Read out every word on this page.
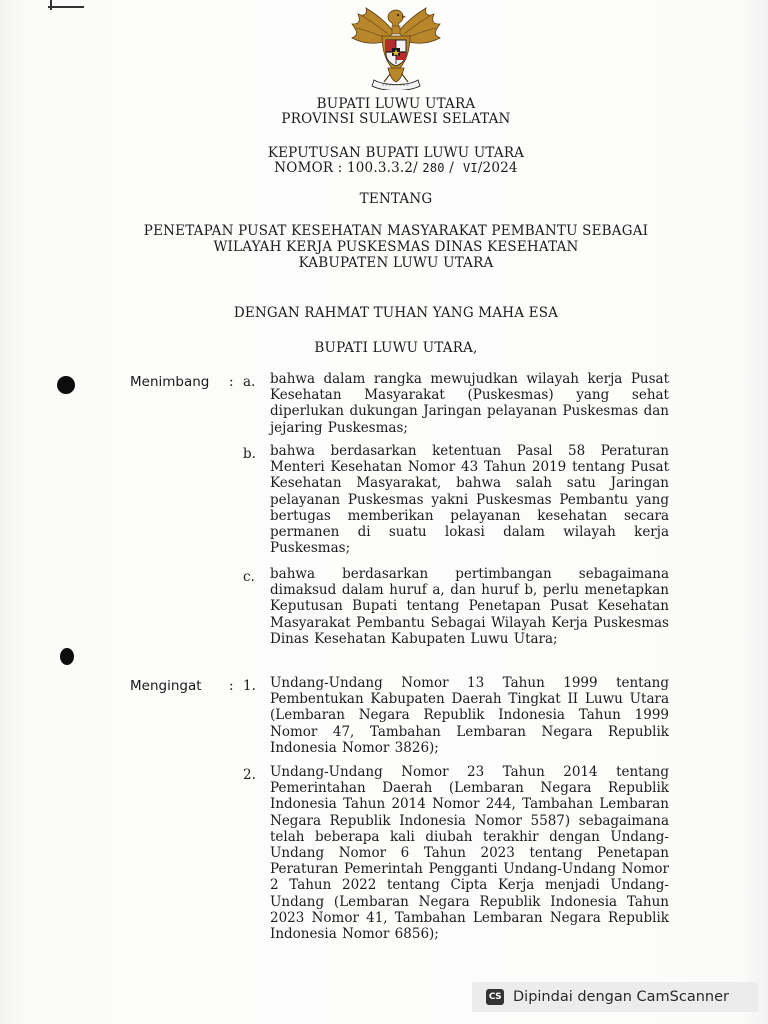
BUPATI LUWU UTARA
PROVINSI SULAWESI SELATAN
KEPUTUSAN BUPATI LUWU UTARA
NOMOR : 100.3.3.2/ 280 / VI/2024
TENTANG
PENETAPAN PUSAT KESEHATAN MASYARAKAT PEMBANTU SEBAGAI
WILAYAH KERJA PUSKESMAS DINAS KESEHATAN
KABUPATEN LUWU UTARA
DENGAN RAHMAT TUHAN YANG MAHA ESA
BUPATI LUWU UTARA,
Menimbang : a. bahwa dalam rangka mewujudkan wilayah kerja Pusat Kesehatan Masyarakat (Puskesmas) yang sehat diperlukan dukungan Jaringan pelayanan Puskesmas dan jejaring Puskesmas;
b. bahwa berdasarkan ketentuan Pasal 58 Peraturan Menteri Kesehatan Nomor 43 Tahun 2019 tentang Pusat Kesehatan Masyarakat, bahwa salah satu Jaringan pelayanan Puskesmas yakni Puskesmas Pembantu yang bertugas memberikan pelayanan kesehatan secara permanen di suatu lokasi dalam wilayah kerja Puskesmas;
c. bahwa berdasarkan pertimbangan sebagaimana dimaksud dalam huruf a, dan huruf b, perlu menetapkan Keputusan Bupati tentang Penetapan Pusat Kesehatan Masyarakat Pembantu Sebagai Wilayah Kerja Puskesmas Dinas Kesehatan Kabupaten Luwu Utara;
Mengingat : 1. Undang-Undang Nomor 13 Tahun 1999 tentang Pembentukan Kabupaten Daerah Tingkat II Luwu Utara (Lembaran Negara Republik Indonesia Tahun 1999 Nomor 47, Tambahan Lembaran Negara Republik Indonesia Nomor 3826);
2. Undang-Undang Nomor 23 Tahun 2014 tentang Pemerintahan Daerah (Lembaran Negara Republik Indonesia Tahun 2014 Nomor 244, Tambahan Lembaran Negara Republik Indonesia Nomor 5587) sebagaimana telah beberapa kali diubah terakhir dengan Undang-Undang Nomor 6 Tahun 2023 tentang Penetapan Peraturan Pemerintah Pengganti Undang-Undang Nomor 2 Tahun 2022 tentang Cipta Kerja menjadi Undang-Undang (Lembaran Negara Republik Indonesia Tahun 2023 Nomor 41, Tambahan Lembaran Negara Republik Indonesia Nomor 6856);
CS Dipindai dengan CamScanner
